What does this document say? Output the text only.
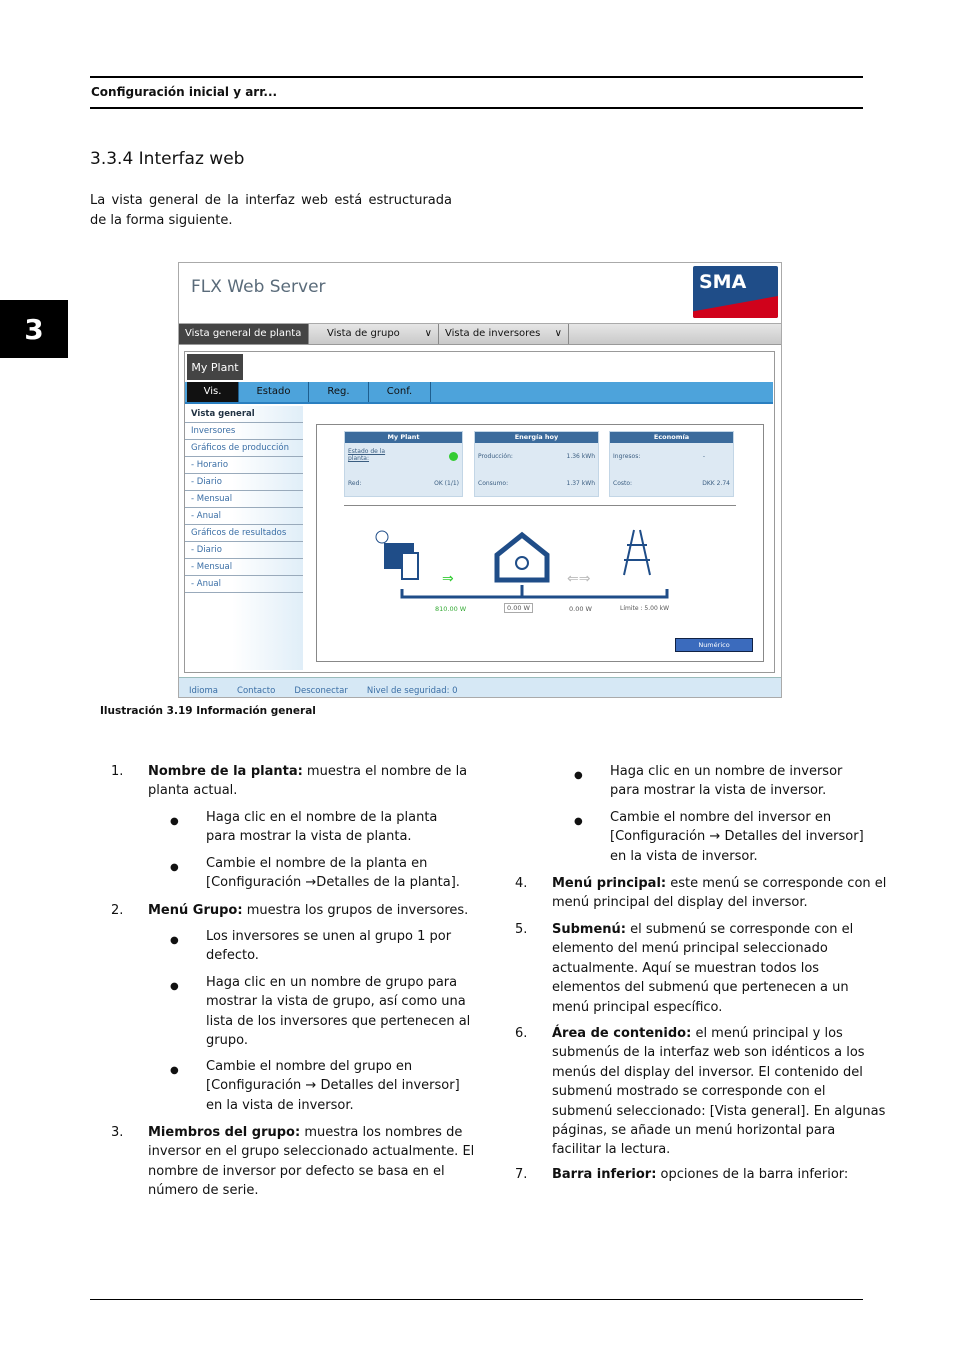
Configuración inicial y arr...
3
3.3.4 Interfaz web
La vista general de la interfaz web está estructurada de la forma siguiente.
FLX Web Server	SMA
Vista general de planta	Vista de grupo ∨	Vista de inversores ∨
My Plant
Vis.	Estado	Reg.	Conf.
Vista general
Inversores
Gráficos de producción
- Horario
- Diario
- Mensual
- Anual
Gráficos de resultados
- Diario
- Mensual
- Anual
My Plant
Estado de la planta:
Red:	OK (1/1)
Energía hoy
Producción:	1.36 kWh
Consumo:	1.37 kWh
Economía
Ingresos:	-
Costo:	DKK 2.74
⇒	⇐⇒
810.00 W	0.00 W	0.00 W	Límite : 5.00 kW
Numérico
Idioma Contacto Desconectar Nivel de seguridad: 0
Ilustración 3.19 Información general
1. Nombre de la planta: muestra el nombre de la
planta actual.
● Haga clic en el nombre de la planta
para mostrar la vista de planta.
● Cambie el nombre de la planta en
[Configuración →Detalles de la planta].
2. Menú Grupo: muestra los grupos de inversores.
● Los inversores se unen al grupo 1 por
defecto.
● Haga clic en un nombre de grupo para
mostrar la vista de grupo, así como una
lista de los inversores que pertenecen al
grupo.
● Cambie el nombre del grupo en
[Configuración → Detalles del inversor]
en la vista de inversor.
3. Miembros del grupo: muestra los nombres de
inversor en el grupo seleccionado actualmente. El
nombre de inversor por defecto se basa en el
número de serie.
● Haga clic en un nombre de inversor
para mostrar la vista de inversor.
● Cambie el nombre del inversor en
[Configuración → Detalles del inversor]
en la vista de inversor.
4. Menú principal: este menú se corresponde con el
menú principal del display del inversor.
5. Submenú: el submenú se corresponde con el
elemento del menú principal seleccionado
actualmente. Aquí se muestran todos los
elementos del submenú que pertenecen a un
menú principal específico.
6. Área de contenido: el menú principal y los
submenús de la interfaz web son idénticos a los
menús del display del inversor. El contenido del
submenú mostrado se corresponde con el
submenú seleccionado: [Vista general]. En algunas
páginas, se añade un menú horizontal para
facilitar la lectura.
7. Barra inferior: opciones de la barra inferior:
